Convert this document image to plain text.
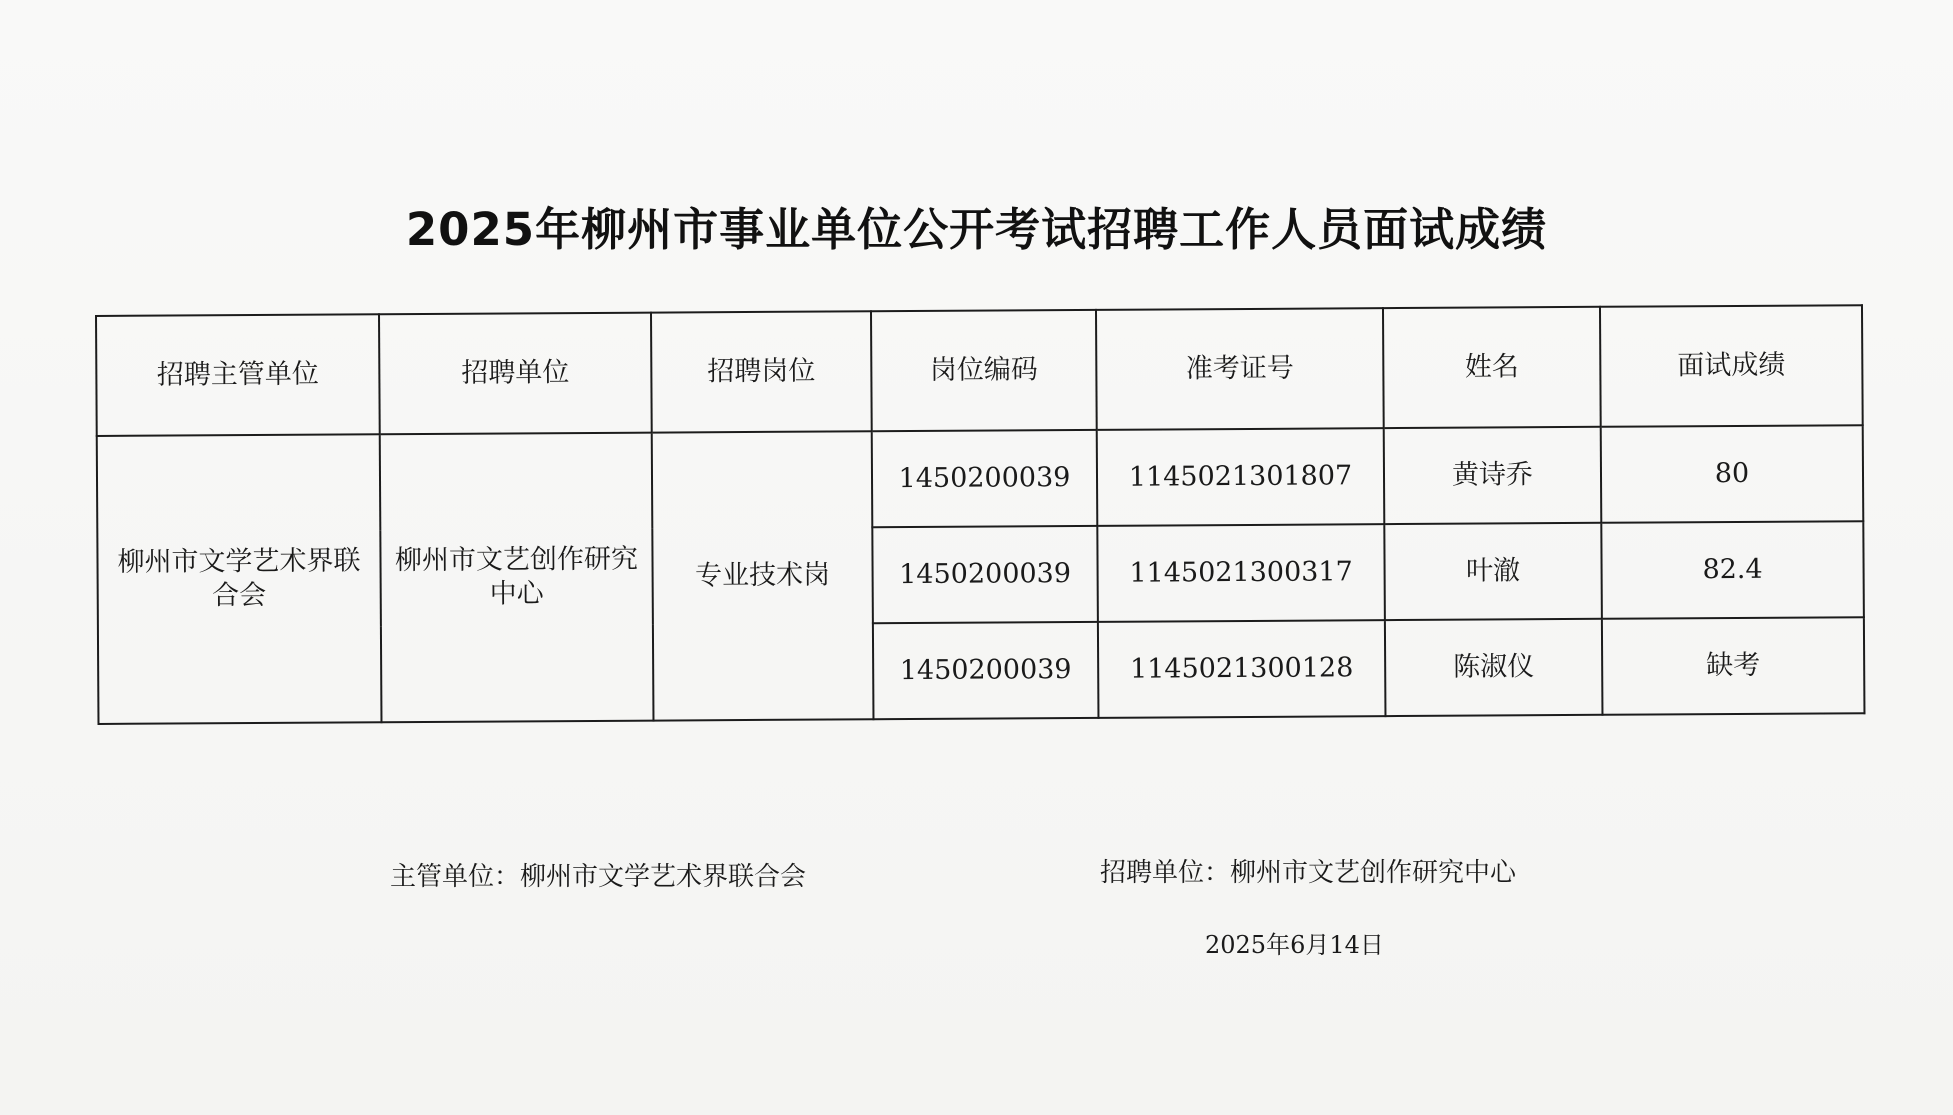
2025年柳州市事业单位公开考试招聘工作人员面试成绩
招聘主管单位	招聘单位	招聘岗位	岗位编码	准考证号	姓名	面试成绩
柳州市文学艺术界联合会	柳州市文艺创作研究中心	专业技术岗	1450200039	1145021301807	黄诗乔	80
			1450200039	1145021300317	叶澈	82.4
			1450200039	1145021300128	陈淑仪	缺考
主管单位：柳州市文学艺术界联合会	招聘单位：柳州市文艺创作研究中心
2025年6月14日
